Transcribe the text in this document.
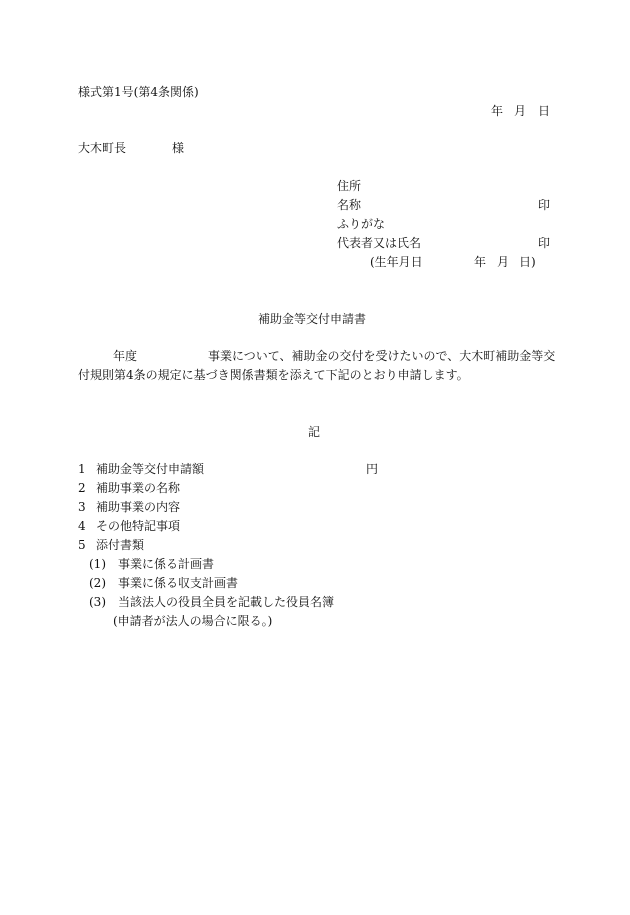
様式第1号(第4条関係)

年 月 日

大木町長	様

住所

名称	印

ふりがな

代表者又は氏名	印

(生年月日	年 月 日)

補助金等交付申請書

年度	事業について、補助金の交付を受けたいので、大木町補助金等交

付規則第4条の規定に基づき関係書類を添えて下記のとおり申請します。

記

1 補助金等交付申請額	円

2 補助事業の名称

3 補助事業の内容

4 その他特記事項

5 添付書類

(1) 事業に係る計画書

(2) 事業に係る収支計画書

(3) 当該法人の役員全員を記載した役員名簿

(申請者が法人の場合に限る。)
